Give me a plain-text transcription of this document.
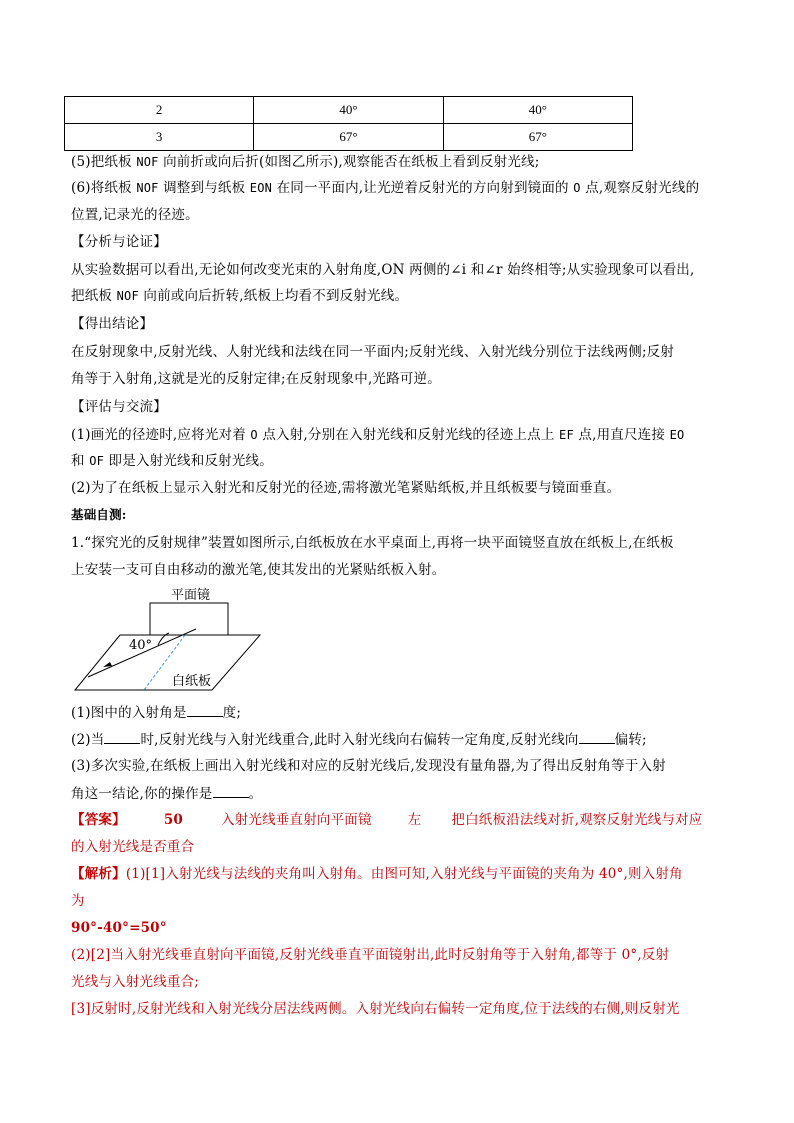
2	40°	40°
3	67°	67°
(5)把纸板 NOF 向前折或向后折(如图乙所示),观察能否在纸板上看到反射光线;
(6)将纸板 NOF 调整到与纸板 EON 在同一平面内,让光逆着反射光的方向射到镜面的 O 点,观察反射光线的
位置,记录光的径迹。
【分析与论证】
从实验数据可以看出,无论如何改变光束的入射角度,ON 两侧的∠i 和∠r 始终相等;从实验现象可以看出,
把纸板 NOF 向前或向后折转,纸板上均看不到反射光线。
【得出结论】
在反射现象中,反射光线、人射光线和法线在同一平面内;反射光线、入射光线分别位于法线两侧;反射
角等于入射角,这就是光的反射定律;在反射现象中,光路可逆。
【评估与交流】
(1)画光的径迹时,应将光对着 O 点入射,分别在入射光线和反射光线的径迹上点上 EF 点,用直尺连接 EO
和 OF 即是入射光线和反射光线。
(2)为了在纸板上显示入射光和反射光的径迹,需将激光笔紧贴纸板,并且纸板要与镜面垂直。
基础自测:
1.“探究光的反射规律”装置如图所示,白纸板放在水平桌面上,再将一块平面镜竖直放在纸板上,在纸板
上安装一支可自由移动的激光笔,使其发出的光紧贴纸板入射。
平面镜
40°
白纸板
(1)图中的入射角是	度;
(2)当	时,反射光线与入射光线重合,此时入射光线向右偏转一定角度,反射光线向	偏转;
(3)多次实验,在纸板上画出入射光线和对应的反射光线后,发现没有量角器,为了得出反射角等于入射
角这一结论,你的操作是	。
【答案】	50	入射光线垂直射向平面镜	左 把白纸板沿法线对折,观察反射光线与对应
的入射光线是否重合
【解析】(1)[1]入射光线与法线的夹角叫入射角。由图可知,入射光线与平面镜的夹角为 40°,则入射角
为
90°-40°=50°
(2)[2]当入射光线垂直射向平面镜,反射光线垂直平面镜射出,此时反射角等于入射角,都等于 0°,反射
光线与入射光线重合;
[3]反射时,反射光线和入射光线分居法线两侧。入射光线向右偏转一定角度,位于法线的右侧,则反射光
